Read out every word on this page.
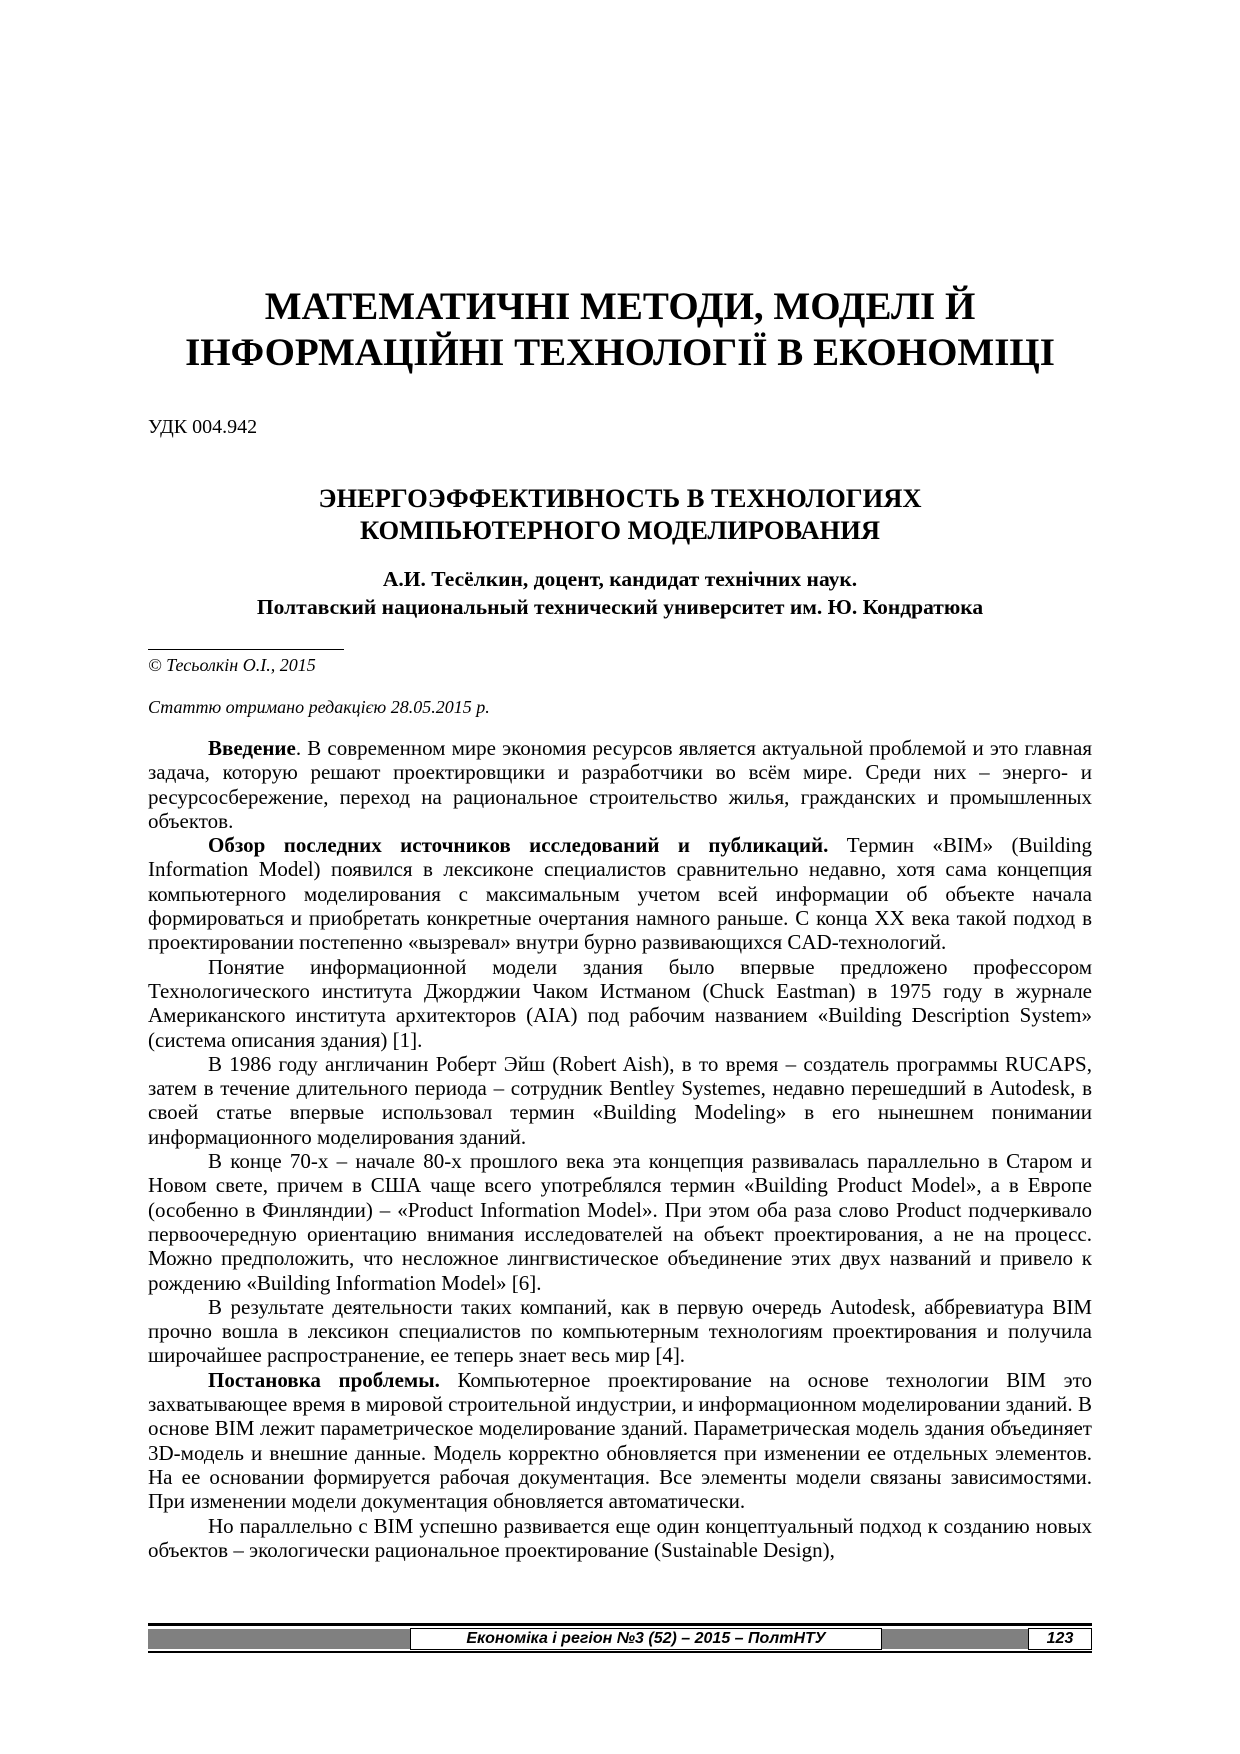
МАТЕМАТИЧНІ МЕТОДИ, МОДЕЛІ Й
ІНФОРМАЦІЙНІ ТЕХНОЛОГІЇ В ЕКОНОМІЦІ
УДК 004.942
ЭНЕРГОЭФФЕКТИВНОСТЬ В ТЕХНОЛОГИЯХ
КОМПЬЮТЕРНОГО МОДЕЛИРОВАНИЯ
А.И. Тесёлкин, доцент, кандидат технічних наук.
Полтавский национальный технический университет им. Ю. Кондратюка
© Тесьолкін О.І., 2015
Статтю отримано редакцією 28.05.2015 р.

Введение. В современном мире экономия ресурсов является актуальной проблемой и это главная задача, которую решают проектировщики и разработчики во всём мире. Среди них – энерго- и ресурсосбережение, переход на рациональное строительство жилья, гражданских и промышленных объектов.

Обзор последних источников исследований и публикаций. Термин «BIM» (Building Information Model) появился в лексиконе специалистов сравнительно недавно, хотя сама концепция компьютерного моделирования с максимальным учетом всей информации об объекте начала формироваться и приобретать конкретные очертания намного раньше. С конца XX века такой подход в проектировании постепенно «вызревал» внутри бурно развивающихся CAD-технологий.

Понятие информационной модели здания было впервые предложено профессором Технологического института Джорджии Чаком Истманом (Chuck Eastman) в 1975 году в журнале Американского института архитекторов (AIA) под рабочим названием «Building Description System» (система описания здания) [1].

В 1986 году англичанин Роберт Эйш (Robert Aish), в то время – создатель программы RUCAPS, затем в течение длительного периода – сотрудник Bentley Systemes, недавно перешедший в Autodesk, в своей статье впервые использовал термин «Building Modeling» в его нынешнем понимании информационного моделирования зданий.

В конце 70-х – начале 80-х прошлого века эта концепция развивалась параллельно в Старом и Новом свете, причем в США чаще всего употреблялся термин «Building Product Model», а в Европе (особенно в Финляндии) – «Product Information Model». При этом оба раза слово Product подчеркивало первоочередную ориентацию внимания исследователей на объект проектирования, а не на процесс. Можно предположить, что несложное лингвистическое объединение этих двух названий и привело к рождению «Building Information Model» [6].

В результате деятельности таких компаний, как в первую очередь Autodesk, аббревиатура BIM прочно вошла в лексикон специалистов по компьютерным технологиям проектирования и получила широчайшее распространение, ее теперь знает весь мир [4].

Постановка проблемы. Компьютерное проектирование на основе технологии BIM это захватывающее время в мировой строительной индустрии, и информационном моделировании зданий. В основе BIM лежит параметрическое моделирование зданий. Параметрическая модель здания объединяет 3D-модель и внешние данные. Модель корректно обновляется при изменении ее отдельных элементов. На ее основании формируется рабочая документация. Все элементы модели связаны зависимостями. При изменении модели документация обновляется автоматически.

Но параллельно с BIM успешно развивается еще один концептуальный подход к созданию новых объектов – экологически рациональное проектирование (Sustainable Design),

Економіка і регіон №3 (52) – 2015 – ПолтНТУ	123
